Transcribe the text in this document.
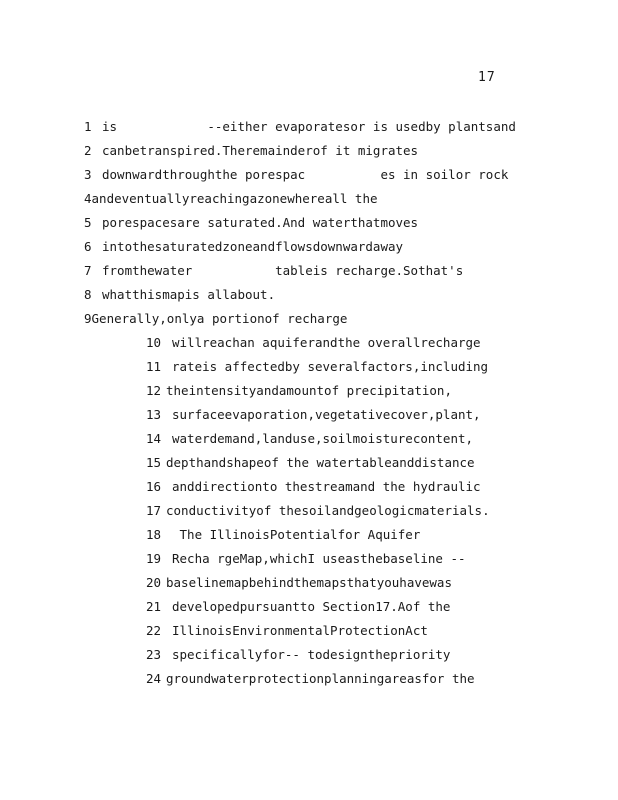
17
1 is            --either evaporatesor is usedby plantsand
2 canbetranspired.Theremainderof it migrates
3 downwardthroughthe porespac          es in soilor rock
4 andeventuallyreachingazonewhereall the
5 porespacesare saturated.And waterthatmoves
6 intothesaturatedzoneandflowsdownwardaway
7 fromthewater           tableis recharge.Sothat's
8 whatthismapis allabout.
9 Generally,onlya portionof recharge
10 willreachan aquiferandthe overallrecharge
11 rateis affectedby severalfactors,including
12 theintensityandamountof precipitation,
13 surfaceevaporation,vegetativecover,plant,
14 waterdemand,landuse,soilmoisturecontent,
15 depthandshapeof the watertableanddistance
16 anddirectionto thestreamand the hydraulic
17 conductivityof thesoilandgeologicmaterials.
18 The IllinoisPotentialfor Aquifer
19 Recha rgeMap,whichI useasthebaseline --
20 baselinemapbehindthemapsthatyouhavewas
21 developedpursuantto Section17.Aof the
22 IllinoisEnvironmentalProtectionAct
23 specificallyfor-- todesignthepriority
24 groundwaterprotectionplanningareasfor the
